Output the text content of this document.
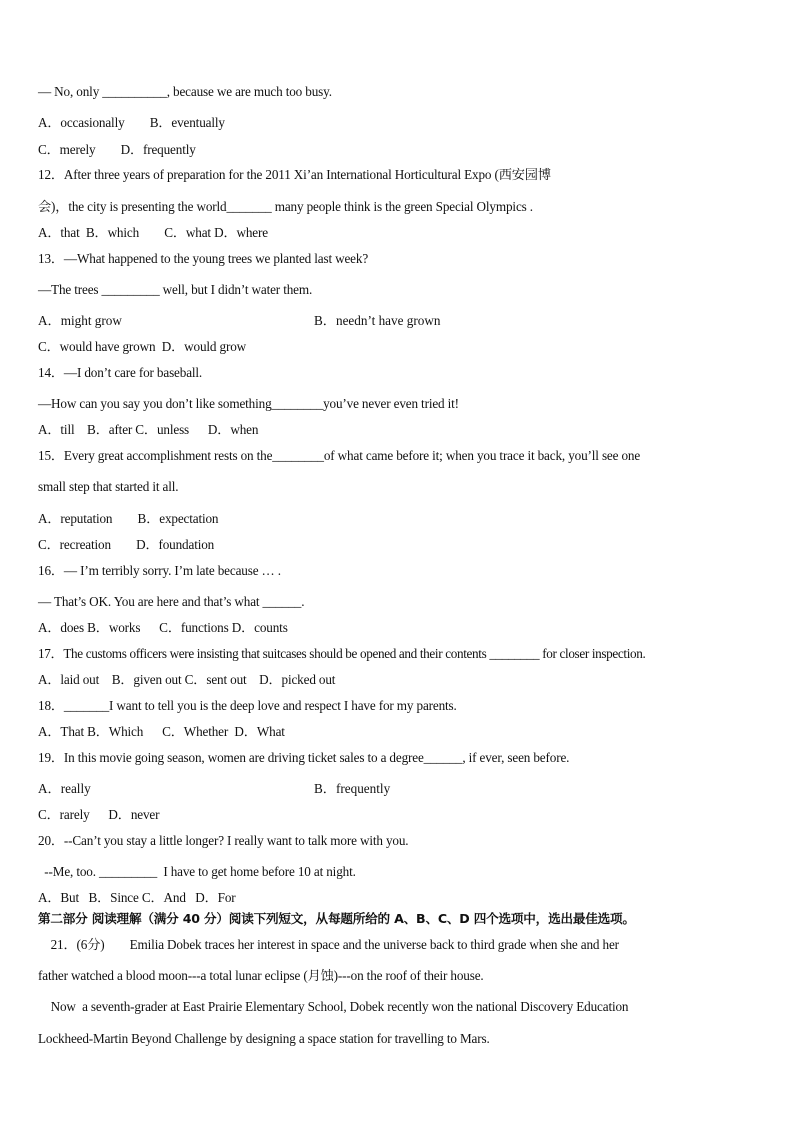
— No, only __________, because we are much too busy.
A．occasionally        B．eventually
C．merely        D．frequently
12．After three years of preparation for the 2011 Xi’an International Horticultural Expo (西安园博
会)，the city is presenting the world_______ many people think is the green Special Olympics .
A．that  B．which        C．what D．where
13．—What happened to the young trees we planted last week?
—The trees _________ well, but I didn’t water them.
A．might grow	B．needn’t have grown
C．would have grown  D．would grow
14．—I don’t care for baseball.
—How can you say you don’t like something________you’ve never even tried it!
A．till    B．after C．unless      D．when
15．Every great accomplishment rests on the________of what came before it; when you trace it back, you’ll see one
small step that started it all.
A．reputation        B．expectation
C．recreation        D．foundation
16．— I’m terribly sorry. I’m late because … .
— That’s OK. You are here and that’s what ______.
A．does B．works      C．functions D．counts
17．The customs officers were insisting that suitcases should be opened and their contents ________ for closer inspection.
A．laid out    B．given out C．sent out    D．picked out
18．_______I want to tell you is the deep love and respect I have for my parents.
A．That B．Which      C．Whether  D．What
19．In this movie going season, women are driving ticket sales to a degree______, if ever, seen before.
A．really	B．frequently
C．rarely      D．never
20．--Can’t you stay a little longer? I really want to talk more with you.
--Me, too. _________  I have to get home before 10 at night.
A．But   B．Since C．And   D．For
第二部分 阅读理解（满分 40 分）阅读下列短文，从每题所给的 A、B、C、D 四个选项中，选出最佳选项。
21．(6分)        Emilia Dobek traces her interest in space and the universe back to third grade when she and her
father watched a blood moon---a total lunar eclipse (月蚀)---on the roof of their house.
Now  a seventh-grader at East Prairie Elementary School, Dobek recently won the national Discovery Education
Lockheed-Martin Beyond Challenge by designing a space station for travelling to Mars.
